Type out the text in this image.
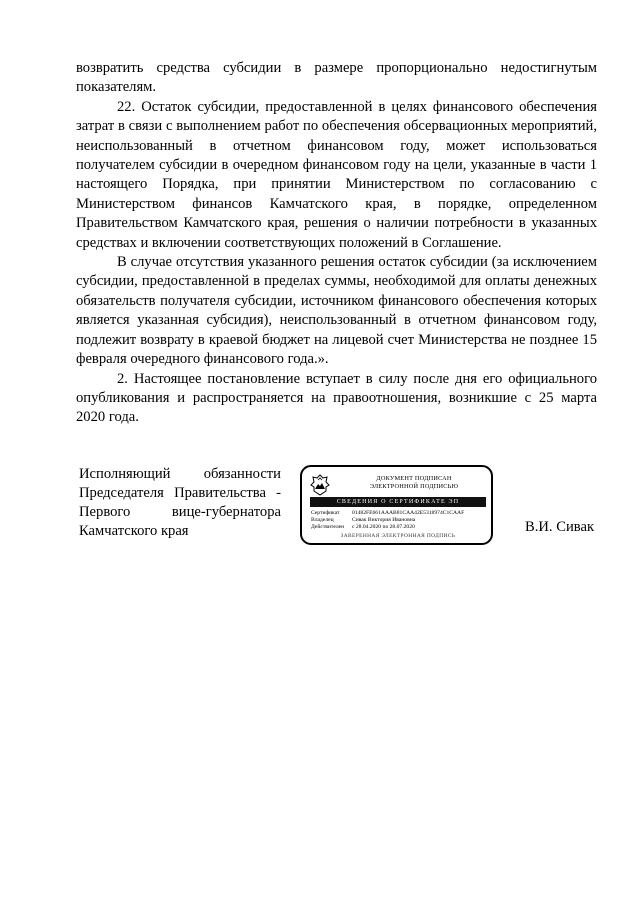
возвратить средства субсидии в размере пропорционально недостигнутым показателям.

22. Остаток субсидии, предоставленной в целях финансового обеспечения затрат в связи с выполнением работ по обеспечения обсервационных мероприятий, неиспользованный в отчетном финансовом году, может использоваться получателем субсидии в очередном финансовом году на цели, указанные в части 1 настоящего Порядка, при принятии Министерством по согласованию с Министерством финансов Камчатского края, в порядке, определенном Правительством Камчатского края, решения о наличии потребности в указанных средствах и включении соответствующих положений в Соглашение.

В случае отсутствия указанного решения остаток субсидии (за исключением субсидии, предоставленной в пределах суммы, необходимой для оплаты денежных обязательств получателя субсидии, источником финансового обеспечения которых является указанная субсидия), неиспользованный в отчетном финансовом году, подлежит возврату в краевой бюджет на лицевой счет Министерства не позднее 15 февраля очередного финансового года.».

2. Настоящее постановление вступает в силу после дня его официального опубликования и распространяется на правоотношения, возникшие с 25 марта 2020 года.

Исполняющий обязанности
Председателя Правительства -
Первого вице-губернатора
Камчатского края
ДОКУМЕНТ ПОДПИСАН
ЭЛЕКТРОННОЙ ПОДПИСЬЮ
СВЕДЕНИЯ О СЕРТИФИКАТЕ ЭП
Сертификат	01482FE661AAAB81CAA42E5318974C1CAAF
Владелец	Сивак Виктория Ивановна
Действителен	с 28.04.2020 по 28.07.2020
ЗАВЕРЕННАЯ ЭЛЕКТРОННАЯ ПОДПИСЬ
В.И. Сивак
